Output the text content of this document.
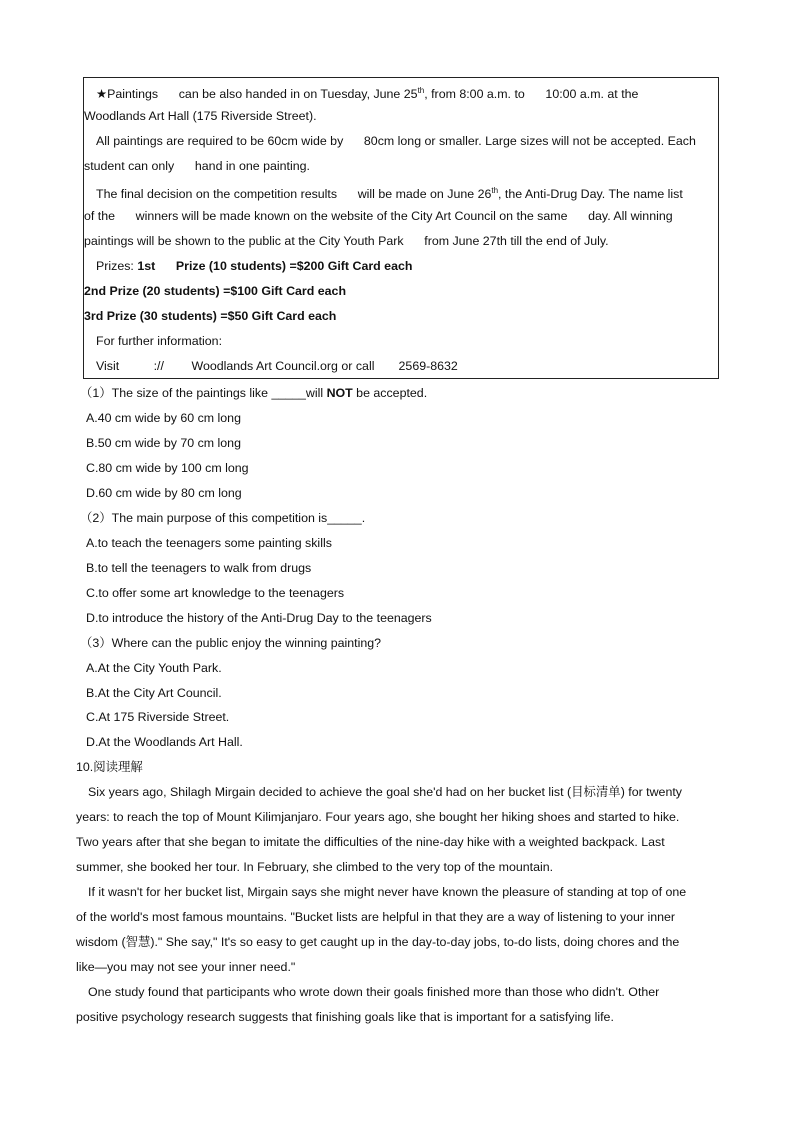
★Paintings      can be also handed in on Tuesday, June 25th, from 8:00 a.m. to      10:00 a.m. at the
Woodlands Art Hall (175 Riverside Street).
All paintings are required to be 60cm wide by      80cm long or smaller. Large sizes will not be accepted. Each
student can only      hand in one painting.
The final decision on the competition results      will be made on June 26th, the Anti-Drug Day. The name list
of the      winners will be made known on the website of the City Art Council on the same      day. All winning
paintings will be shown to the public at the City Youth Park      from June 27th till the end of July.
Prizes: 1st      Prize (10 students) =$200 Gift Card each
2nd Prize (20 students) =$100 Gift Card each
3rd Prize (30 students) =$50 Gift Card each
For further information:
Visit          ://        Woodlands Art Council.org or call       2569-8632
（1）The size of the paintings like _____will NOT be accepted.
A.40 cm wide by 60 cm long
B.50 cm wide by 70 cm long
C.80 cm wide by 100 cm long
D.60 cm wide by 80 cm long
（2）The main purpose of this competition is_____.
A.to teach the teenagers some painting skills
B.to tell the teenagers to walk from drugs
C.to offer some art knowledge to the teenagers
D.to introduce the history of the Anti-Drug Day to the teenagers
（3）Where can the public enjoy the winning painting?
A.At the City Youth Park.
B.At the City Art Council.
C.At 175 Riverside Street.
D.At the Woodlands Art Hall.
10.阅读理解
Six years ago, Shilagh Mirgain decided to achieve the goal she'd had on her bucket list (目标清单) for twenty
years: to reach the top of Mount Kilimjanjaro. Four years ago, she bought her hiking shoes and started to hike.
Two years after that she began to imitate the difficulties of the nine-day hike with a weighted backpack. Last
summer, she booked her tour. In February, she climbed to the very top of the mountain.
If it wasn't for her bucket list, Mirgain says she might never have known the pleasure of standing at top of one
of the world's most famous mountains. "Bucket lists are helpful in that they are a way of listening to your inner
wisdom (智慧)." She say," It's so easy to get caught up in the day-to-day jobs, to-do lists, doing chores and the
like—you may not see your inner need."
One study found that participants who wrote down their goals finished more than those who didn't. Other
positive psychology research suggests that finishing goals like that is important for a satisfying life.
